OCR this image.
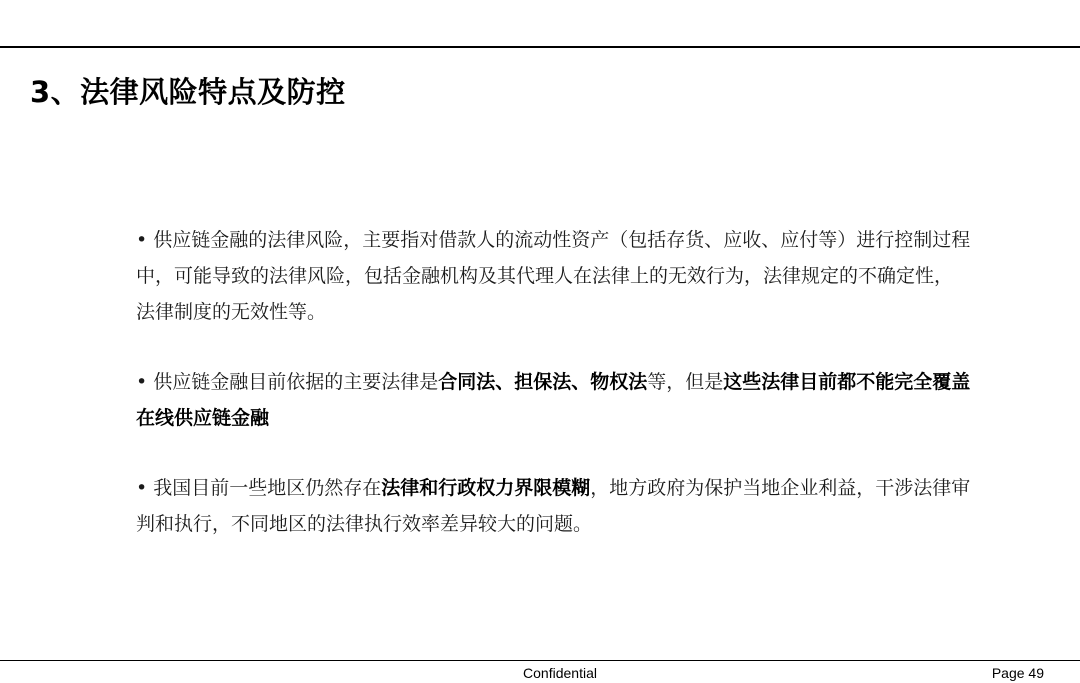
3、法律风险特点及防控

• 供应链金融的法律风险，主要指对借款人的流动性资产（包括存货、应收、应付等）进行控制过程中，可能导致的法律风险，包括金融机构及其代理人在法律上的无效行为，法律规定的不确定性，法律制度的无效性等。

• 供应链金融目前依据的主要法律是合同法、担保法、物权法等，但是这些法律目前都不能完全覆盖在线供应链金融

• 我国目前一些地区仍然存在法律和行政权力界限模糊，地方政府为保护当地企业利益，干涉法律审判和执行，不同地区的法律执行效率差异较大的问题。

Confidential	Page 49
